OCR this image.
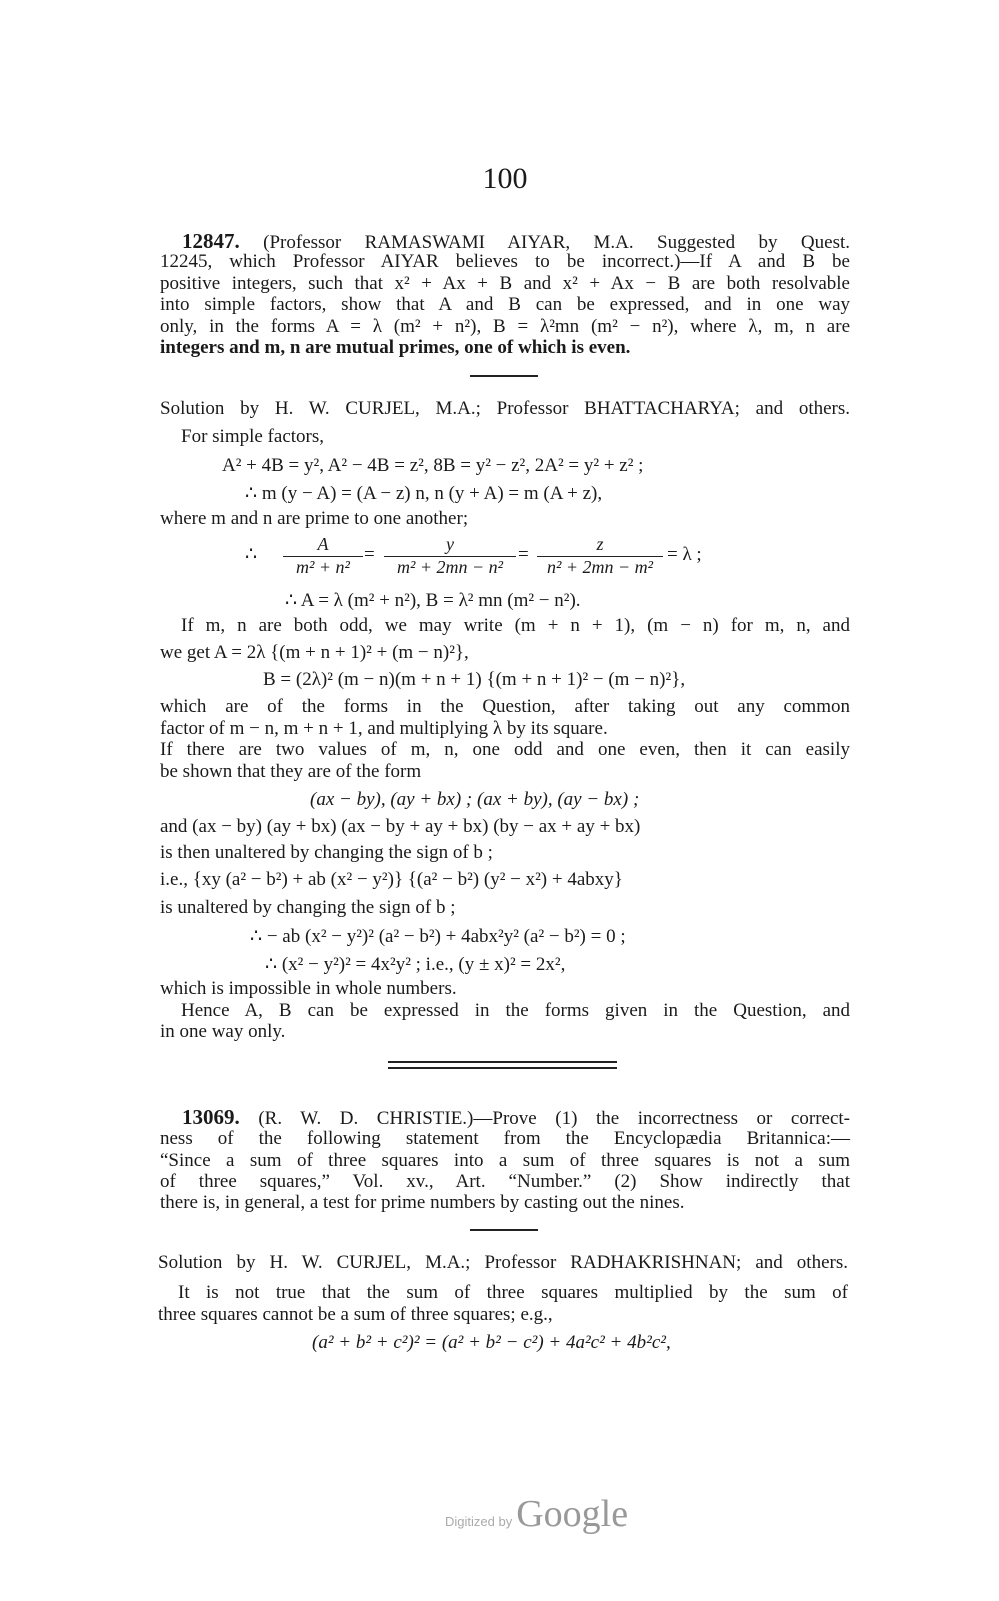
100
12847. (Professor RAMASWAMI AIYAR, M.A. Suggested by Quest.
12245, which Professor AIYAR believes to be incorrect.)—If A and B be
positive integers, such that x² + Ax + B and x² + Ax − B are both resolvable
into simple factors, show that A and B can be expressed, and in one way
only, in the forms A = λ (m² + n²), B = λ²mn (m² − n²), where λ, m, n are
integers and m, n are mutual primes, one of which is even.
Solution by H. W. CURJEL, M.A.; Professor BHATTACHARYA; and others.
For simple factors,
A² + 4B = y², A² − 4B = z², 8B = y² − z², 2A² = y² + z² ;
∴ m (y − A) = (A − z) n, n (y + A) = m (A + z),
where m and n are prime to one another;
∴ $\frac{A}{\text{m² + n²}} = \frac{y}{\text{m² + 2mn − n²}} = \frac{z}{\text{n² + 2mn − m²}} = \lambda$ ;
∴ A = λ (m² + n²), B = λ² mn (m² − n²).
If m, n are both odd, we may write (m + n + 1), (m − n) for m, n, and
we get A = 2λ {(m + n + 1)² + (m − n)²},
B = (2λ)² (m − n)(m + n + 1) {(m + n + 1)² − (m − n)²},
which are of the forms in the Question, after taking out any common
factor of m − n, m + n + 1, and multiplying λ by its square.
If there are two values of m, n, one odd and one even, then it can easily
be shown that they are of the form
(ax − by), (ay + bx) ; (ax + by), (ay − bx) ;
and (ax − by) (ay + bx) (ax − by + ay + bx) (by − ax + ay + bx)
is then unaltered by changing the sign of b ;
i.e., {xy (a² − b²) + ab (x² − y²)} {(a² − b²) (y² − x²) + 4abxy}
is unaltered by changing the sign of b ;
∴ − ab (x² − y²)² (a² − b²) + 4abx²y² (a² − b²) = 0 ;
∴ (x² − y²)² = 4x²y² ; i.e., (y ± x)² = 2x²,
which is impossible in whole numbers.
Hence A, B can be expressed in the forms given in the Question, and
in one way only.
13069. (R. W. D. CHRISTIE.)—Prove (1) the incorrectness or correct-
ness of the following statement from the Encyclopædia Britannica:—
“Since a sum of three squares into a sum of three squares is not a sum
of three squares,” Vol. xv., Art. “Number.” (2) Show indirectly that
there is, in general, a test for prime numbers by casting out the nines.
Solution by H. W. CURJEL, M.A.; Professor RADHAKRISHNAN; and others.
It is not true that the sum of three squares multiplied by the sum of
three squares cannot be a sum of three squares; e.g.,
(a² + b² + c²)² = (a² + b² − c²) + 4a²c² + 4b²c²,
Digitized by Google
